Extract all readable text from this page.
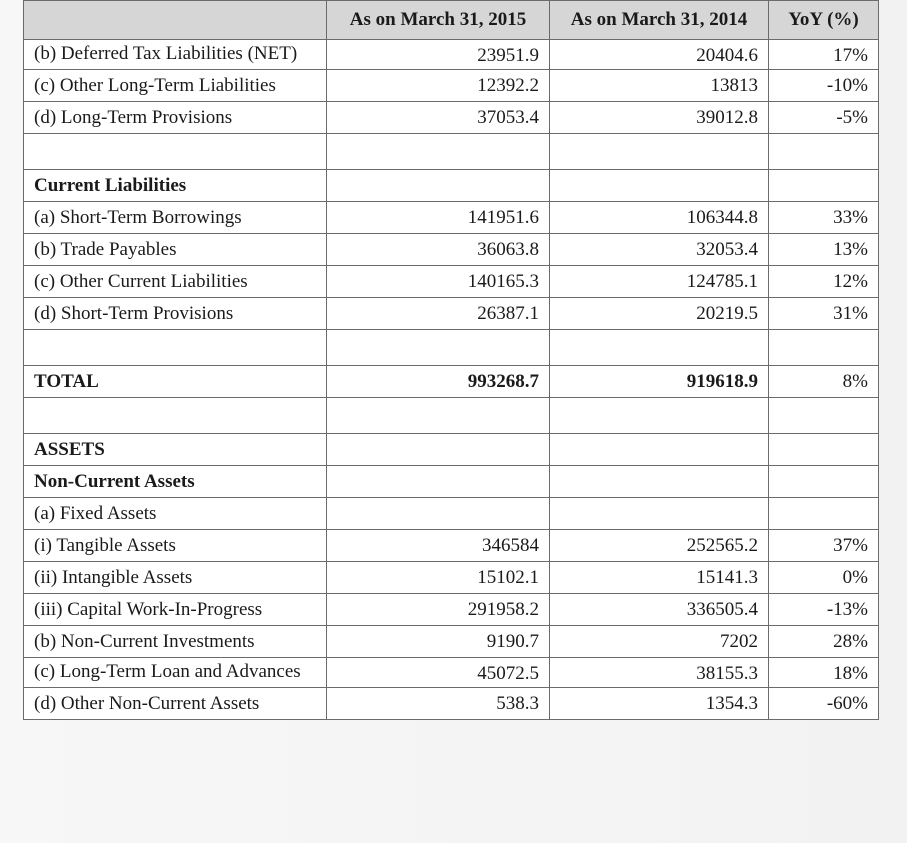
	As on March 31, 2015	As on March 31, 2014	YoY (%)
(b) Deferred Tax Liabilities (NET)	23951.9	20404.6	17%
(c) Other Long-Term Liabilities	12392.2	13813	-10%
(d) Long-Term Provisions	37053.4	39012.8	-5%

Current Liabilities			
(a) Short-Term Borrowings	141951.6	106344.8	33%
(b) Trade Payables	36063.8	32053.4	13%
(c) Other Current Liabilities	140165.3	124785.1	12%
(d) Short-Term Provisions	26387.1	20219.5	31%

TOTAL	993268.7	919618.9	8%

ASSETS			
Non-Current Assets			
(a) Fixed Assets			
(i) Tangible Assets	346584	252565.2	37%
(ii) Intangible Assets	15102.1	15141.3	0%
(iii) Capital Work-In-Progress	291958.2	336505.4	-13%
(b) Non-Current Investments	9190.7	7202	28%
(c) Long-Term Loan and Advances	45072.5	38155.3	18%
(d) Other Non-Current Assets	538.3	1354.3	-60%
